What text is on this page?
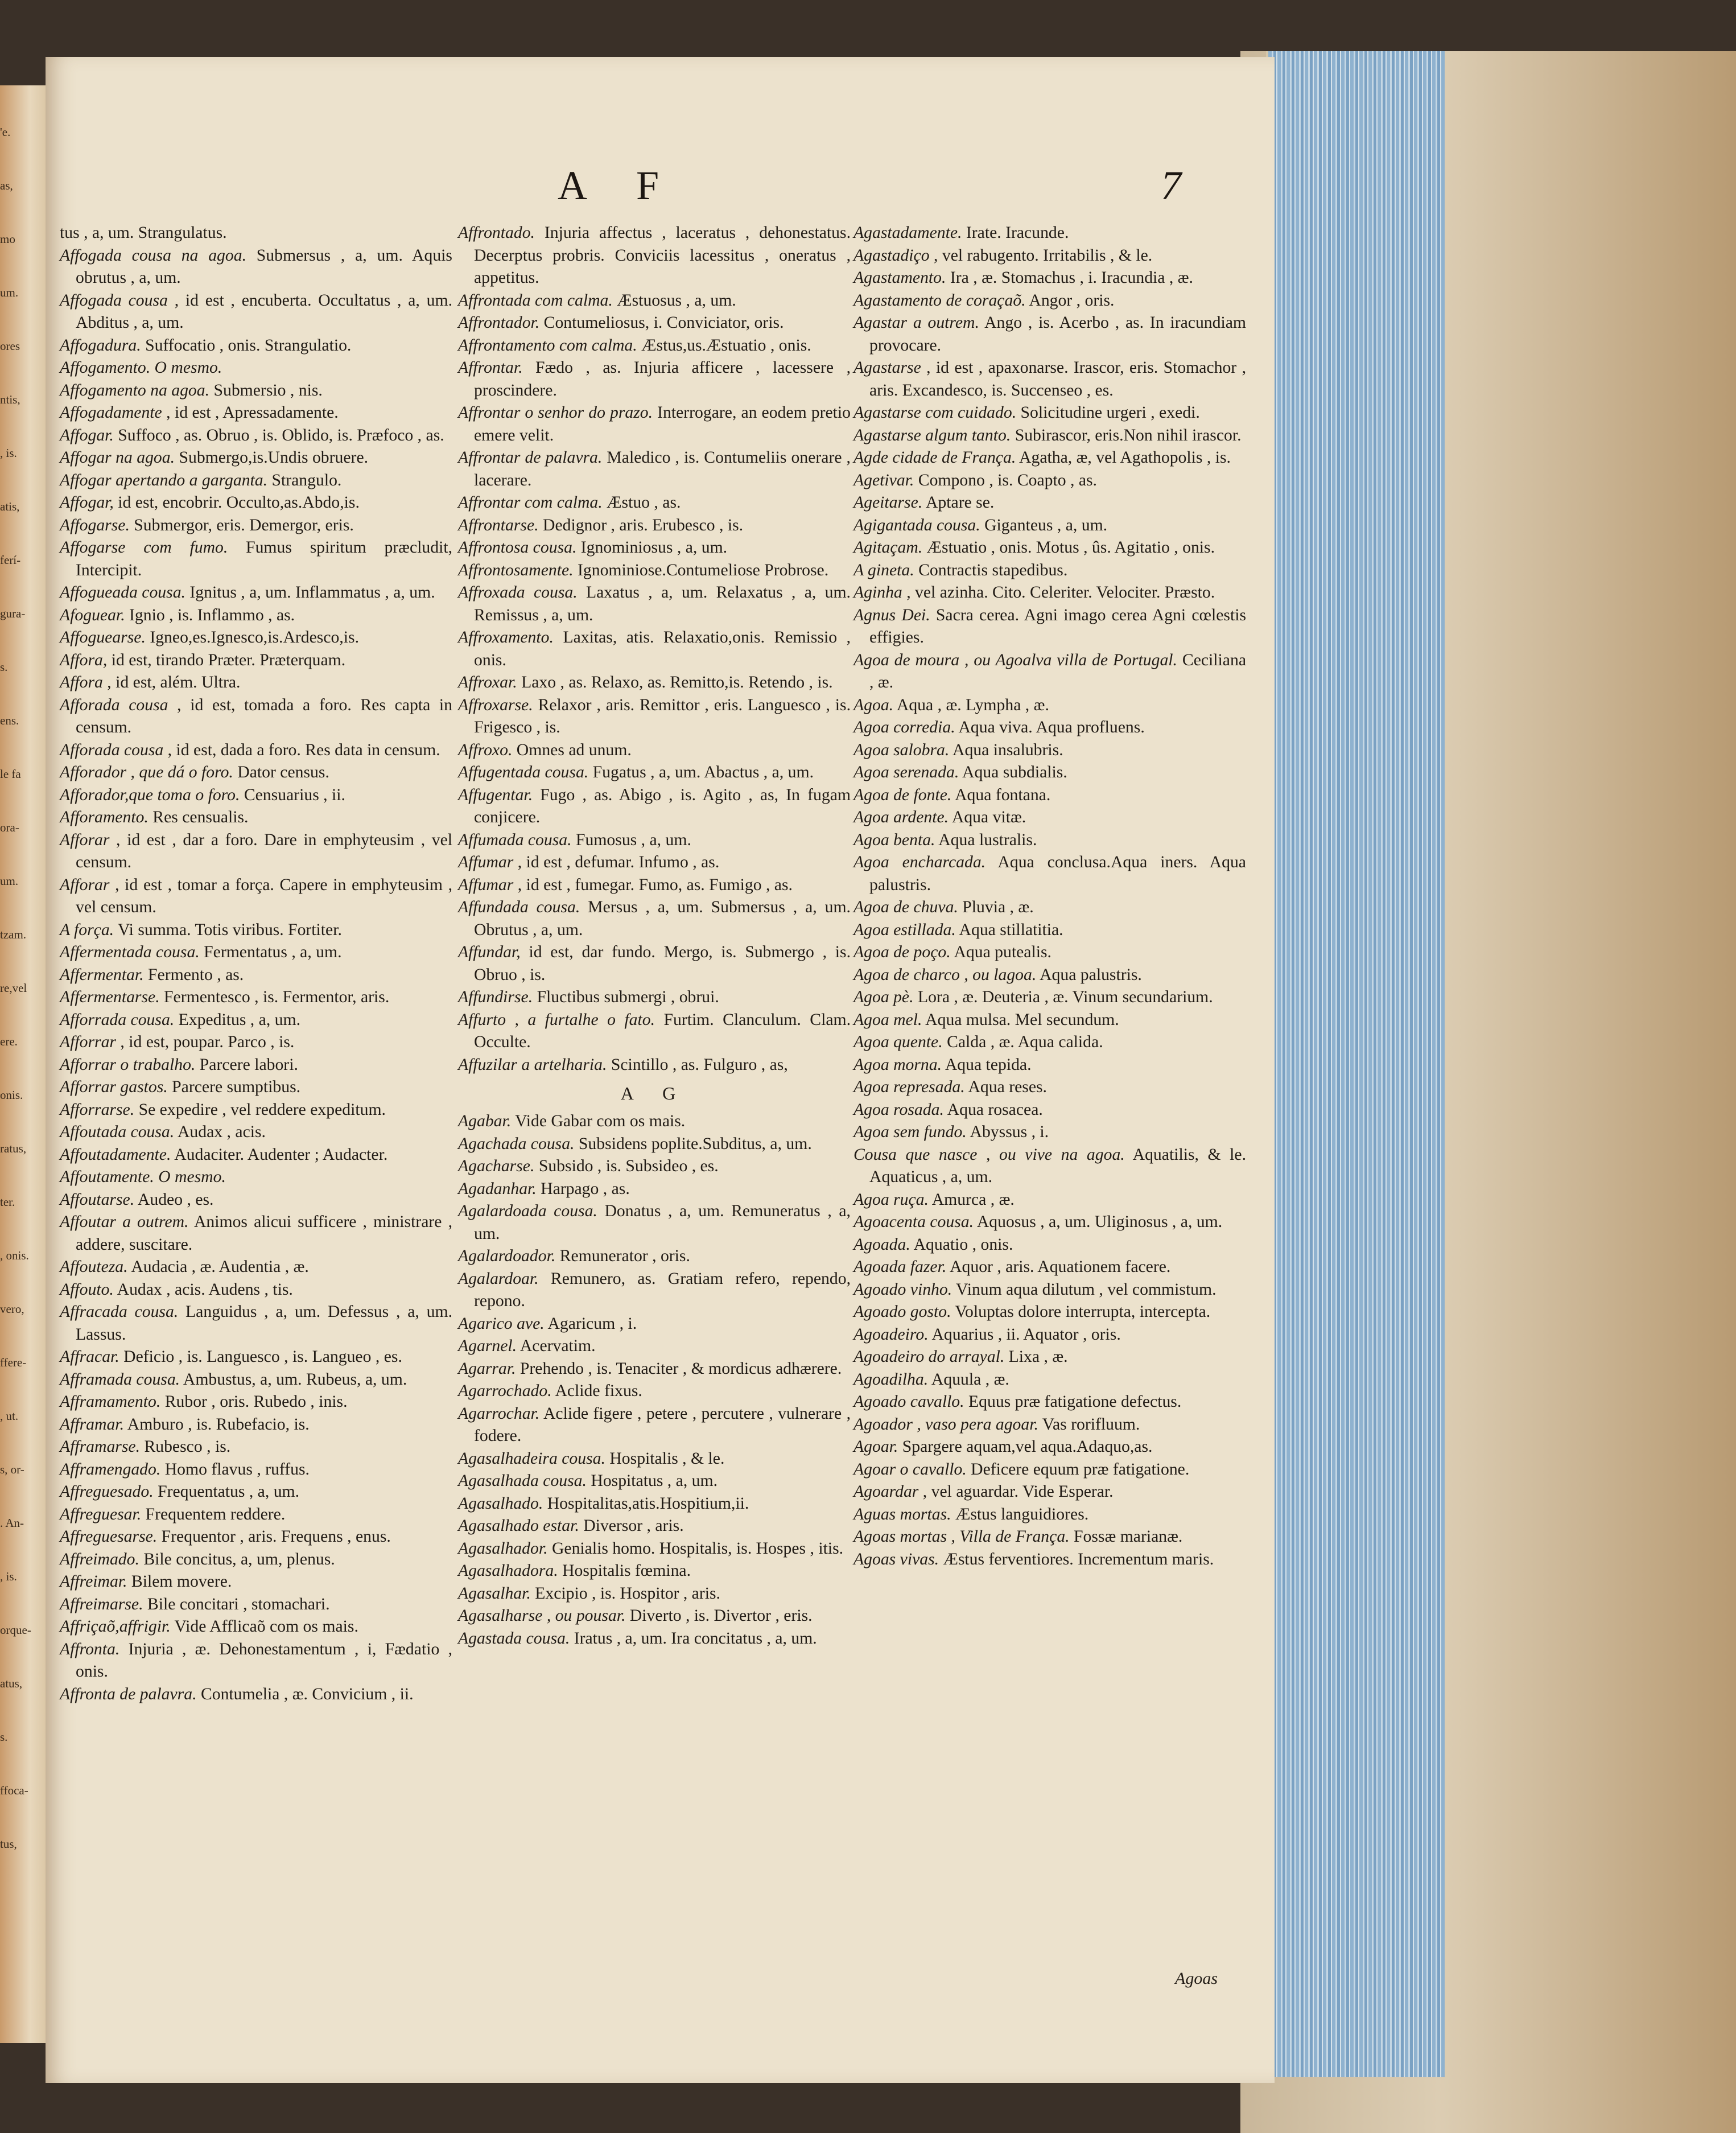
'e.
as,
mo
um.
ores
ntis,
, is.
atis,
ferí-
gura-
s.
ens.
le fa
ora-
um.
tzam.
re,vel
ere.
onis.
ratus,
ter.
, onis.
vero,
ffere-
, ut.
s, or-
. An-
, is.
orque-
atus,
s.
ffoca-
tus,
A F	7

tus , a, um. Strangulatus.

Affogada cousa na agoa. Submersus , a, um. Aquis obrutus , a, um.

Affogada cousa , id est , encuberta. Occultatus , a, um. Abditus , a, um.

Affogadura. Suffocatio , onis. Strangulatio.

Affogamento. O mesmo.

Affogamento na agoa. Submersio , nis.

Affogadamente , id est , Apressadamente.

Affogar. Suffoco , as. Obruo , is. Oblido, is. Præfoco , as.

Affogar na agoa. Submergo,is.Undis obruere.

Affogar apertando a garganta. Strangulo.

Affogar, id est, encobrir. Occulto,as.Abdo,is.

Affogarse. Submergor, eris. Demergor, eris.

Affogarse com fumo. Fumus spiritum præcludit, Intercipit.

Affogueada cousa. Ignitus , a, um. Inflammatus , a, um.

Afoguear. Ignio , is. Inflammo , as.

Affoguearse. Igneo,es.Ignesco,is.Ardesco,is.

Affora, id est, tirando Præter. Præterquam.

Affora , id est, além. Ultra.

Afforada cousa , id est, tomada a foro. Res capta in censum.

Afforada cousa , id est, dada a foro. Res data in censum.

Afforador , que dá o foro. Dator census.

Afforador,que toma o foro. Censuarius , ii.

Afforamento. Res censualis.

Afforar , id est , dar a foro. Dare in emphyteusim , vel censum.

Afforar , id est , tomar a força. Capere in emphyteusim , vel censum.

A força. Vi summa. Totis viribus. Fortiter.

Affermentada cousa. Fermentatus , a, um.

Affermentar. Fermento , as.

Affermentarse. Fermentesco , is. Fermentor, aris.

Afforrada cousa. Expeditus , a, um.

Afforrar , id est, poupar. Parco , is.

Afforrar o trabalho. Parcere labori.

Afforrar gastos. Parcere sumptibus.

Afforrarse. Se expedire , vel reddere expeditum.

Affoutada cousa. Audax , acis.

Affoutadamente. Audaciter. Audenter ; Audacter.

Affoutamente. O mesmo.

Affoutarse. Audeo , es.

Affoutar a outrem. Animos alicui sufficere , ministrare , addere, suscitare.

Affouteza. Audacia , æ. Audentia , æ.

Affouto. Audax , acis. Audens , tis.

Affracada cousa. Languidus , a, um. Defessus , a, um. Lassus.

Affracar. Deficio , is. Languesco , is. Langueo , es.

Afframada cousa. Ambustus, a, um. Rubeus, a, um.

Afframamento. Rubor , oris. Rubedo , inis.

Afframar. Amburo , is. Rubefacio, is.

Afframarse. Rubesco , is.

Afframengado. Homo flavus , ruffus.

Affreguesado. Frequentatus , a, um.

Affreguesar. Frequentem reddere.

Affreguesarse. Frequentor , aris. Frequens , enus.

Affreimado. Bile concitus, a, um, plenus.

Affreimar. Bilem movere.

Affreimarse. Bile concitari , stomachari.

Affriçaõ,affrigir. Vide Afflicaõ com os mais.

Affronta. Injuria , æ. Dehonestamentum , i, Fædatio , onis.

Affronta de palavra. Contumelia , æ. Convicium , ii.

Affrontado. Injuria affectus , laceratus , dehonestatus. Decerptus probris. Conviciis lacessitus , oneratus , appetitus.

Affrontada com calma. Æstuosus , a, um.

Affrontador. Contumeliosus, i. Conviciator, oris.

Affrontamento com calma. Æstus,us.Æstuatio , onis.

Affrontar. Fædo , as. Injuria afficere , lacessere , proscindere.

Affrontar o senhor do prazo. Interrogare, an eodem pretio emere velit.

Affrontar de palavra. Maledico , is. Contumeliis onerare , lacerare.

Affrontar com calma. Æstuo , as.

Affrontarse. Dedignor , aris. Erubesco , is.

Affrontosa cousa. Ignominiosus , a, um.

Affrontosamente. Ignominiose.Contumeliose Probrose.

Affroxada cousa. Laxatus , a, um. Relaxatus , a, um. Remissus , a, um.

Affroxamento. Laxitas, atis. Relaxatio,onis. Remissio , onis.

Affroxar. Laxo , as. Relaxo, as. Remitto,is. Retendo , is.

Affroxarse. Relaxor , aris. Remittor , eris. Languesco , is. Frigesco , is.

Affroxo. Omnes ad unum.

Affugentada cousa. Fugatus , a, um. Abactus , a, um.

Affugentar. Fugo , as. Abigo , is. Agito , as, In fugam conjicere.

Affumada cousa. Fumosus , a, um.

Affumar , id est , defumar. Infumo , as.

Affumar , id est , fumegar. Fumo, as. Fumigo , as.

Affundada cousa. Mersus , a, um. Submersus , a, um. Obrutus , a, um.

Affundar, id est, dar fundo. Mergo, is. Submergo , is. Obruo , is.

Affundirse. Fluctibus submergi , obrui.

Affurto , a furtalhe o fato. Furtim. Clanculum. Clam. Occulte.

Affuzilar a artelharia. Scintillo , as. Fulguro , as,

A G

Agabar. Vide Gabar com os mais.

Agachada cousa. Subsidens poplite.Subditus, a, um.

Agacharse. Subsido , is. Subsideo , es.

Agadanhar. Harpago , as.

Agalardoada cousa. Donatus , a, um. Remuneratus , a, um.

Agalardoador. Remunerator , oris.

Agalardoar. Remunero, as. Gratiam refero, rependo, repono.

Agarico ave. Agaricum , i.

Agarnel. Acervatim.

Agarrar. Prehendo , is. Tenaciter , & mordicus adhærere.

Agarrochado. Aclide fixus.

Agarrochar. Aclide figere , petere , percutere , vulnerare , fodere.

Agasalhadeira cousa. Hospitalis , & le.

Agasalhada cousa. Hospitatus , a, um.

Agasalhado. Hospitalitas,atis.Hospitium,ii.

Agasalhado estar. Diversor , aris.

Agasalhador. Genialis homo. Hospitalis, is. Hospes , itis.

Agasalhadora. Hospitalis fœmina.

Agasalhar. Excipio , is. Hospitor , aris.

Agasalharse , ou pousar. Diverto , is. Divertor , eris.

Agastada cousa. Iratus , a, um. Ira concitatus , a, um.

Agastadamente. Irate. Iracunde.

Agastadiço , vel rabugento. Irritabilis , & le.

Agastamento. Ira , æ. Stomachus , i. Iracundia , æ.

Agastamento de coraçaõ. Angor , oris.

Agastar a outrem. Ango , is. Acerbo , as. In iracundiam provocare.

Agastarse , id est , apaxonarse. Irascor, eris. Stomachor , aris. Excandesco, is. Succenseo , es.

Agastarse com cuidado. Solicitudine urgeri , exedi.

Agastarse algum tanto. Subirascor, eris.Non nihil irascor.

Agde cidade de França. Agatha, æ, vel Agathopolis , is.

Agetivar. Compono , is. Coapto , as.

Ageitarse. Aptare se.

Agigantada cousa. Giganteus , a, um.

Agitaçam. Æstuatio , onis. Motus , ûs. Agitatio , onis.

A gineta. Contractis stapedibus.

Aginha , vel azinha. Cito. Celeriter. Velociter. Præsto.

Agnus Dei. Sacra cerea. Agni imago cerea Agni cœlestis effigies.

Agoa de moura , ou Agoalva villa de Portugal. Ceciliana , æ.

Agoa. Aqua , æ. Lympha , æ.

Agoa corredia. Aqua viva. Aqua profluens.

Agoa salobra. Aqua insalubris.

Agoa serenada. Aqua subdialis.

Agoa de fonte. Aqua fontana.

Agoa ardente. Aqua vitæ.

Agoa benta. Aqua lustralis.

Agoa encharcada. Aqua conclusa.Aqua iners. Aqua palustris.

Agoa de chuva. Pluvia , æ.

Agoa estillada. Aqua stillatitia.

Agoa de poço. Aqua putealis.

Agoa de charco , ou lagoa. Aqua palustris.

Agoa pè. Lora , æ. Deuteria , æ. Vinum secundarium.

Agoa mel. Aqua mulsa. Mel secundum.

Agoa quente. Calda , æ. Aqua calida.

Agoa morna. Aqua tepida.

Agoa represada. Aqua reses.

Agoa rosada. Aqua rosacea.

Agoa sem fundo. Abyssus , i.

Cousa que nasce , ou vive na agoa. Aquatilis, & le. Aquaticus , a, um.

Agoa ruça. Amurca , æ.

Agoacenta cousa. Aquosus , a, um. Uliginosus , a, um.

Agoada. Aquatio , onis.

Agoada fazer. Aquor , aris. Aquationem facere.

Agoado vinho. Vinum aqua dilutum , vel commistum.

Agoado gosto. Voluptas dolore interrupta, intercepta.

Agoadeiro. Aquarius , ii. Aquator , oris.

Agoadeiro do arrayal. Lixa , æ.

Agoadilha. Aquula , æ.

Agoado cavallo. Equus præ fatigatione defectus.

Agoador , vaso pera agoar. Vas rorifluum.

Agoar. Spargere aquam,vel aqua.Adaquo,as.

Agoar o cavallo. Deficere equum præ fatigatione.

Agoardar , vel aguardar. Vide Esperar.

Aguas mortas. Æstus languidiores.

Agoas mortas , Villa de França. Fossæ marianæ.

Agoas vivas. Æstus ferventiores. Incrementum maris.

Agoas
